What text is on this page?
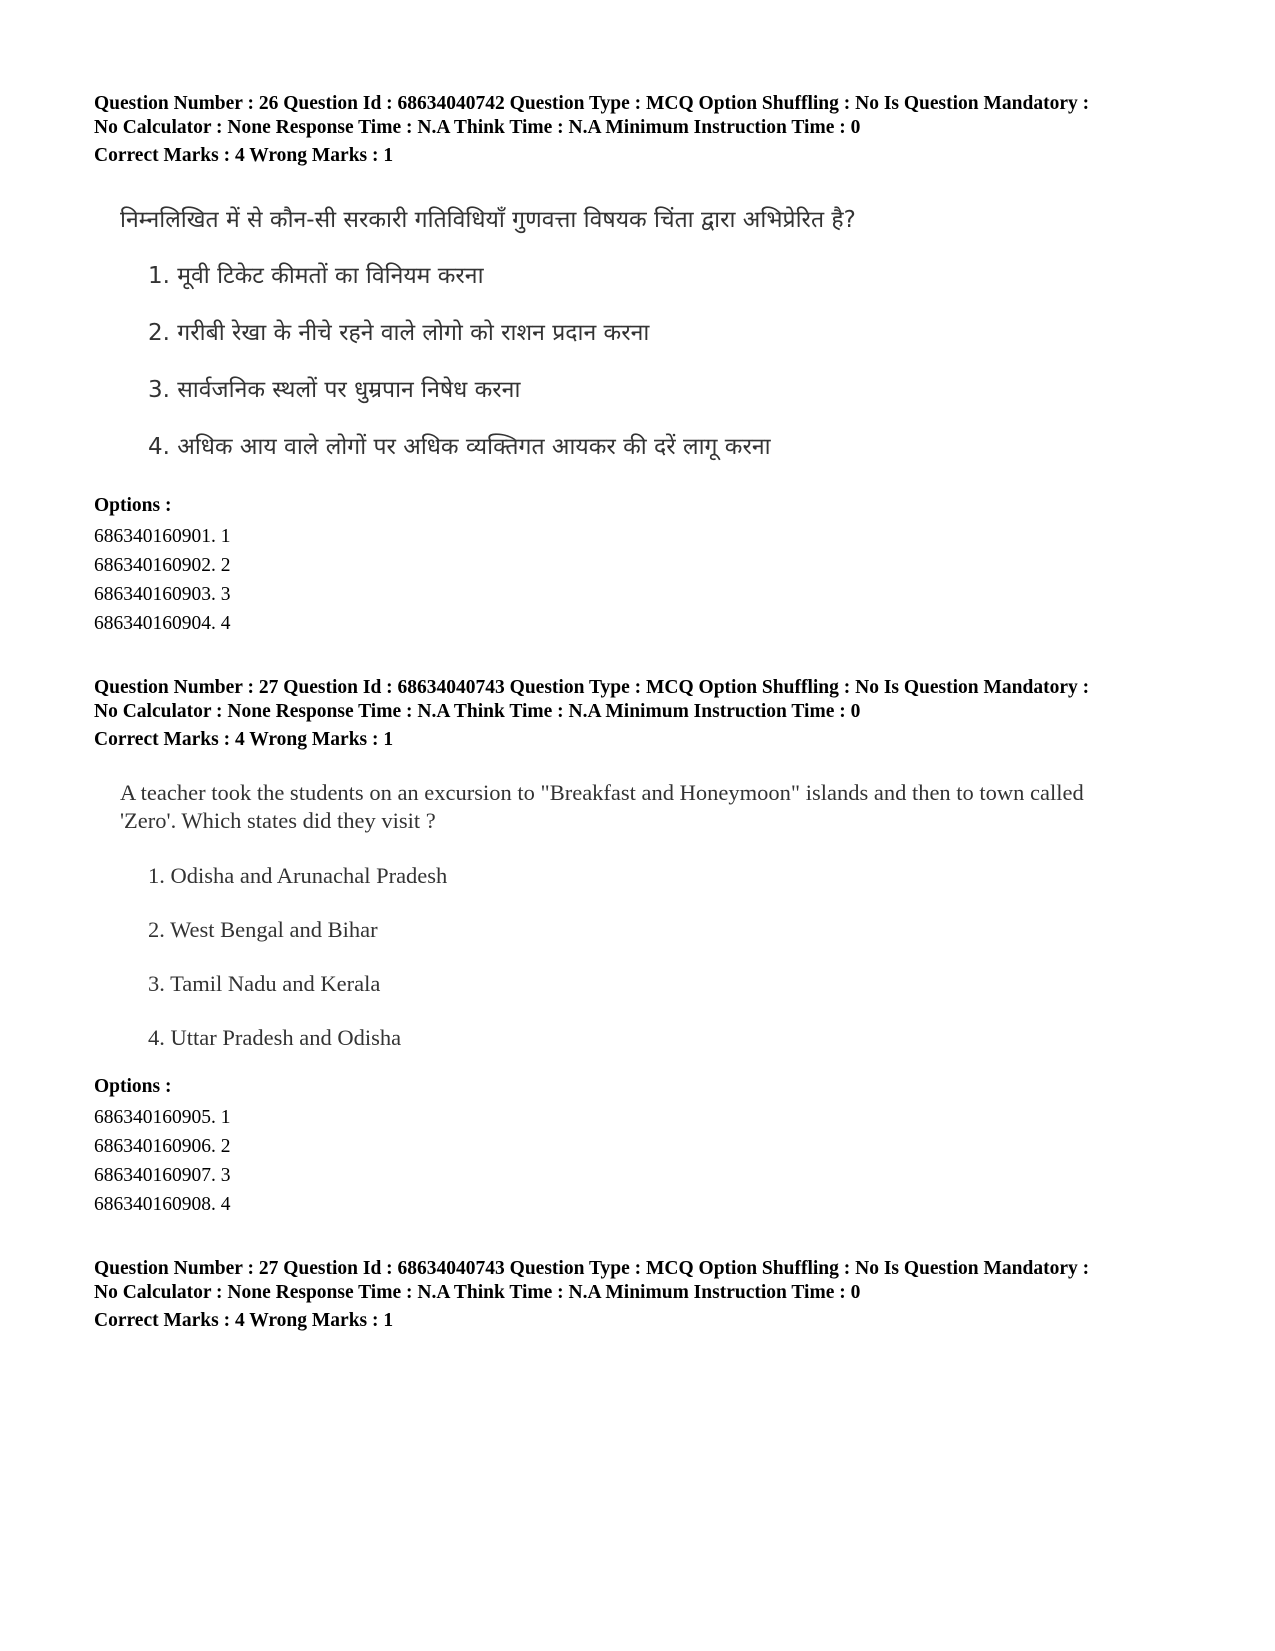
Question Number : 26 Question Id : 68634040742 Question Type : MCQ Option Shuffling : No Is Question Mandatory :

No Calculator : None Response Time : N.A Think Time : N.A Minimum Instruction Time : 0

Correct Marks : 4 Wrong Marks : 1

निम्नलिखित में से कौन-सी सरकारी गतिविधियाँ गुणवत्ता विषयक चिंता द्वारा अभिप्रेरित है?

1. मूवी टिकेट कीमतों का विनियम करना

2. गरीबी रेखा के नीचे रहने वाले लोगो को राशन प्रदान करना

3. सार्वजनिक स्थलों पर धुम्रपान निषेध करना

4. अधिक आय वाले लोगों पर अधिक व्यक्तिगत आयकर की दरें लागू करना

Options :

686340160901. 1

686340160902. 2

686340160903. 3

686340160904. 4

Question Number : 27 Question Id : 68634040743 Question Type : MCQ Option Shuffling : No Is Question Mandatory :

No Calculator : None Response Time : N.A Think Time : N.A Minimum Instruction Time : 0

Correct Marks : 4 Wrong Marks : 1

A teacher took the students on an excursion to "Breakfast and Honeymoon" islands and then to town called

'Zero'. Which states did they visit ?

1. Odisha and Arunachal Pradesh

2. West Bengal and Bihar

3. Tamil Nadu and Kerala

4. Uttar Pradesh and Odisha

Options :

686340160905. 1

686340160906. 2

686340160907. 3

686340160908. 4

Question Number : 27 Question Id : 68634040743 Question Type : MCQ Option Shuffling : No Is Question Mandatory :

No Calculator : None Response Time : N.A Think Time : N.A Minimum Instruction Time : 0

Correct Marks : 4 Wrong Marks : 1
